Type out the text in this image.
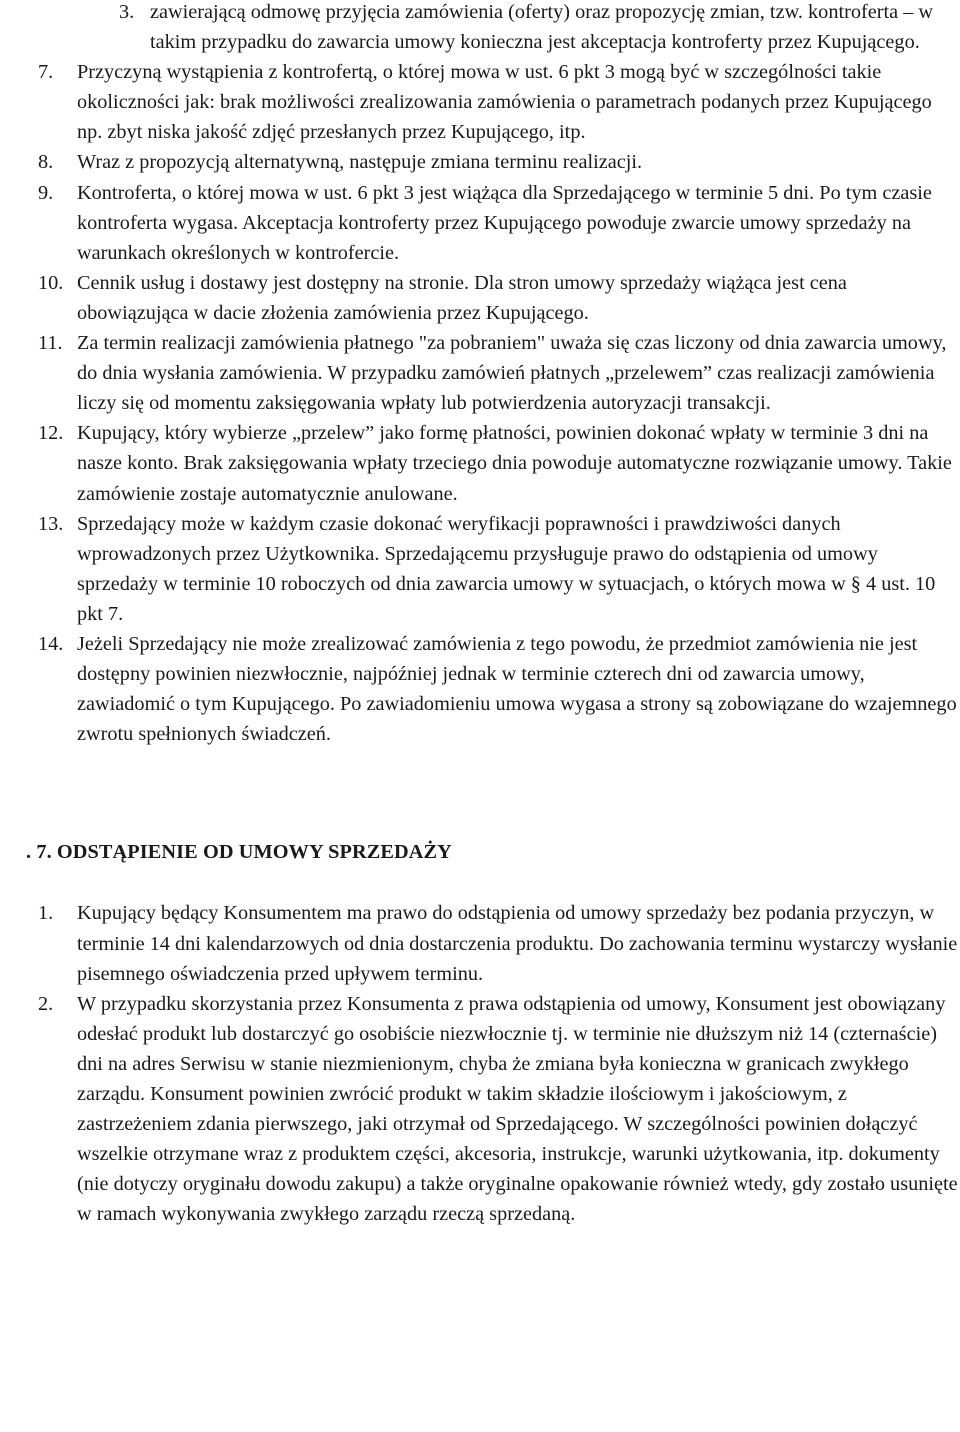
3. zawierającą odmowę przyjęcia zamówienia (oferty) oraz propozycję zmian, tzw. kontroferta – w takim przypadku do zawarcia umowy konieczna jest akceptacja kontroferty przez Kupującego.
7. Przyczyną wystąpienia z kontrofertą, o której mowa w ust. 6 pkt 3 mogą być w szczególności takie okoliczności jak: brak możliwości zrealizowania zamówienia o parametrach podanych przez Kupującego np. zbyt niska jakość zdjęć przesłanych przez Kupującego, itp.
8. Wraz z propozycją alternatywną, następuje zmiana terminu realizacji.
9. Kontroferta, o której mowa w ust. 6 pkt 3 jest wiążąca dla Sprzedającego w terminie 5 dni. Po tym czasie kontroferta wygasa. Akceptacja kontroferty przez Kupującego powoduje zwarcie umowy sprzedaży na warunkach określonych w kontrofercie.
10. Cennik usług i dostawy jest dostępny na stronie. Dla stron umowy sprzedaży wiążąca jest cena obowiązująca w dacie złożenia zamówienia przez Kupującego.
11. Za termin realizacji zamówienia płatnego "za pobraniem" uważa się czas liczony od dnia zawarcia umowy, do dnia wysłania zamówienia. W przypadku zamówień płatnych „przelewem” czas realizacji zamówienia liczy się od momentu zaksięgowania wpłaty lub potwierdzenia autoryzacji transakcji.
12. Kupujący, który wybierze „przelew” jako formę płatności, powinien dokonać wpłaty w terminie 3 dni na nasze konto. Brak zaksięgowania wpłaty trzeciego dnia powoduje automatyczne rozwiązanie umowy. Takie zamówienie zostaje automatycznie anulowane.
13. Sprzedający może w każdym czasie dokonać weryfikacji poprawności i prawdziwości danych wprowadzonych przez Użytkownika. Sprzedającemu przysługuje prawo do odstąpienia od umowy sprzedaży w terminie 10 roboczych od dnia zawarcia umowy w sytuacjach, o których mowa w § 4 ust. 10 pkt 7.
14. Jeżeli Sprzedający nie może zrealizować zamówienia z tego powodu, że przedmiot zamówienia nie jest dostępny powinien niezwłocznie, najpóźniej jednak w terminie czterech dni od zawarcia umowy, zawiadomić o tym Kupującego. Po zawiadomieniu umowa wygasa a strony są zobowiązane do wzajemnego zwrotu spełnionych świadczeń.
. 7. ODSTĄPIENIE OD UMOWY SPRZEDAŻY
1. Kupujący będący Konsumentem ma prawo do odstąpienia od umowy sprzedaży bez podania przyczyn, w terminie 14 dni kalendarzowych od dnia dostarczenia produktu. Do zachowania terminu wystarczy wysłanie pisemnego oświadczenia przed upływem terminu.
2. W przypadku skorzystania przez Konsumenta z prawa odstąpienia od umowy, Konsument jest obowiązany odesłać produkt lub dostarczyć go osobiście niezwłocznie tj. w terminie nie dłuższym niż 14 (czternaście) dni na adres Serwisu w stanie niezmienionym, chyba że zmiana była konieczna w granicach zwykłego zarządu. Konsument powinien zwrócić produkt w takim składzie ilościowym i jakościowym, z zastrzeżeniem zdania pierwszego, jaki otrzymał od Sprzedającego. W szczególności powinien dołączyć wszelkie otrzymane wraz z produktem części, akcesoria, instrukcje, warunki użytkowania, itp. dokumenty (nie dotyczy oryginału dowodu zakupu) a także oryginalne opakowanie również wtedy, gdy zostało usunięte w ramach wykonywania zwykłego zarządu rzeczą sprzedaną.
